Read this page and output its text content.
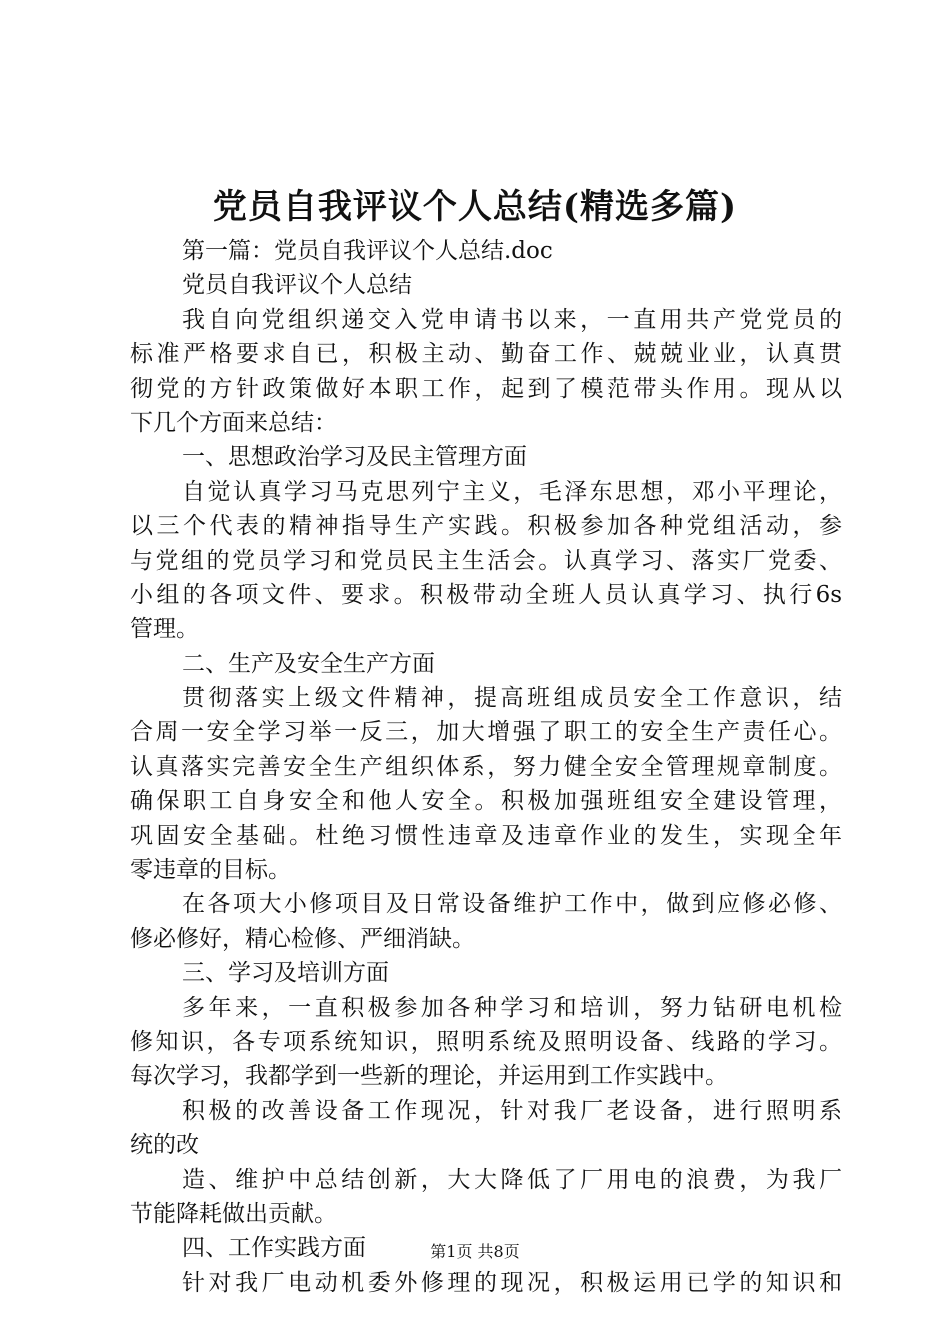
党员自我评议个人总结(精选多篇)
第一篇：党员自我评议个人总结.doc
党员自我评议个人总结
我自向党组织递交入党申请书以来，一直用共产党党员的
标准严格要求自已，积极主动、勤奋工作、兢兢业业，认真贯
彻党的方针政策做好本职工作，起到了模范带头作用。现从以
下几个方面来总结：
一、思想政治学习及民主管理方面
自觉认真学习马克思列宁主义，毛泽东思想，邓小平理论，
以三个代表的精神指导生产实践。积极参加各种党组活动，参
与党组的党员学习和党员民主生活会。认真学习、落实厂党委、
小组的各项文件、要求。积极带动全班人员认真学习、执行6s
管理。
二、生产及安全生产方面
贯彻落实上级文件精神，提高班组成员安全工作意识，结
合周一安全学习举一反三，加大增强了职工的安全生产责任心。
认真落实完善安全生产组织体系，努力健全安全管理规章制度。
确保职工自身安全和他人安全。积极加强班组安全建设管理，
巩固安全基础。杜绝习惯性违章及违章作业的发生，实现全年
零违章的目标。
在各项大小修项目及日常设备维护工作中，做到应修必修、
修必修好，精心检修、严细消缺。
三、学习及培训方面
多年来，一直积极参加各种学习和培训，努力钻研电机检
修知识，各专项系统知识，照明系统及照明设备、线路的学习。
每次学习，我都学到一些新的理论，并运用到工作实践中。
积极的改善设备工作现况，针对我厂老设备，进行照明系
统的改
造、维护中总结创新，大大降低了厂用电的浪费，为我厂
节能降耗做出贡献。
四、工作实践方面
针对我厂电动机委外修理的现况，积极运用已学的知识和
第1页 共8页
